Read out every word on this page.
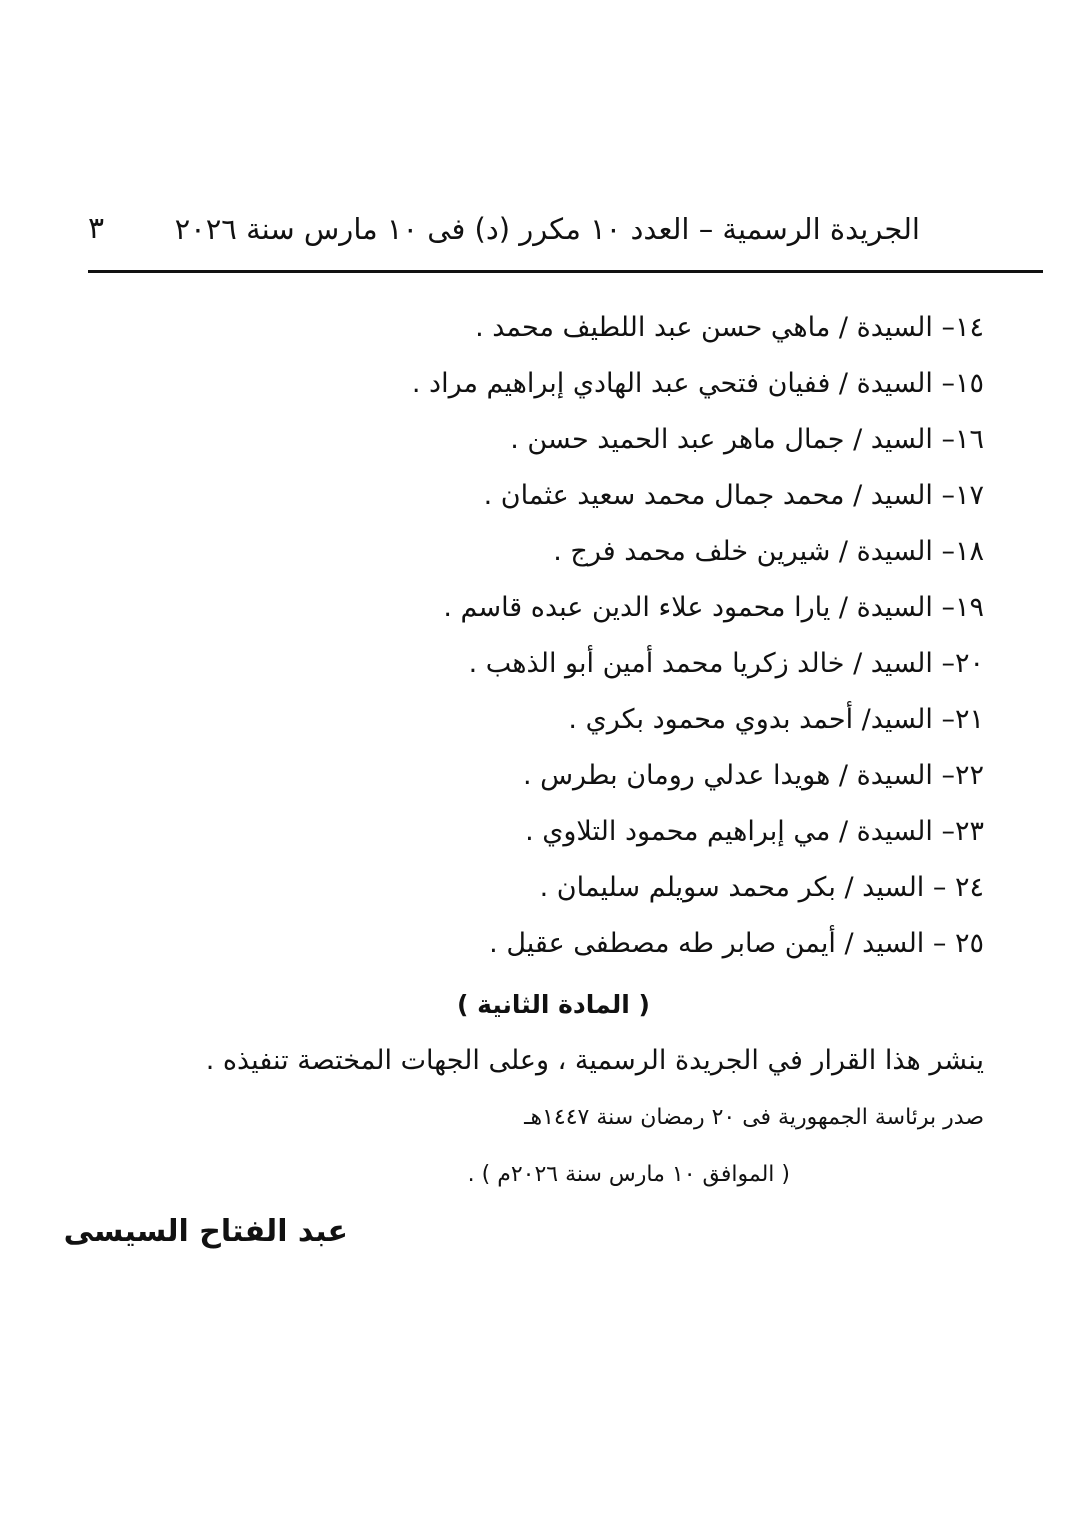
الجريدة الرسمية – العدد ١٠ مكرر (د) فى ١٠ مارس سنة ٢٠٢٦
٣
١٤– السيدة / ماهي حسن عبد اللطيف محمد .
١٥– السيدة / ففيان فتحي عبد الهادي إبراهيم مراد .
١٦– السيد / جمال ماهر عبد الحميد حسن .
١٧– السيد / محمد جمال محمد سعيد عثمان .
١٨– السيدة / شيرين خلف محمد فرج .
١٩– السيدة / يارا محمود علاء الدين عبده قاسم .
٢٠– السيد / خالد زكريا محمد أمين أبو الذهب .
٢١– السيد/ أحمد بدوي محمود بكري .
٢٢– السيدة / هويدا عدلي رومان بطرس .
٢٣– السيدة / مي إبراهيم محمود التلاوي .
٢٤ – السيد / بكر محمد سويلم سليمان .
٢٥ – السيد / أيمن صابر طه مصطفى عقيل .
( المادة الثانية )
ينشر هذا القرار في الجريدة الرسمية ، وعلى الجهات المختصة تنفيذه .
صدر برئاسة الجمهورية فى ٢٠ رمضان سنة ١٤٤٧هـ
( الموافق ١٠ مارس سنة ٢٠٢٦م ) .
عبد الفتاح السيسى
